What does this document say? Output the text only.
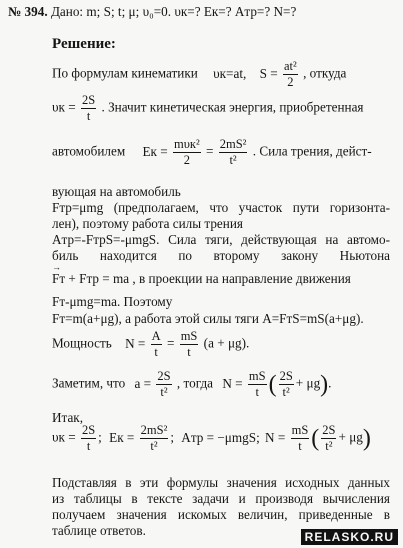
№ 394. Дано: m; S; t; μ; υ₀=0. υк=? Eк=? Aтр=? N=?
Решение:
По формулам кинематики υк=at, $S = \frac{\text{at²}}{2}$ , откуда
$\upsilon к = \frac{2S}{t}$ . Значит кинетическая энергия, приобретенная
автомобилем Eк = $\frac{\text{mυк²}}{2} = \frac{\text{2mS²}}{\text{t²}}$ . Сила трения, дейст-
вующая на автомобиль
Fтр=μmg (предполагаем, что участок пути горизонта-
лен), поэтому работа силы трения
Aтр=-FтрS=-μmgS. Сила тяги, действующая на автомо-
биль находится по второму закону Ньютона
→ Fт + Fтр = ma , в проекции на направление движения
Fт-μmg=ma. Поэтому
Fт=m(a+μg), а работа этой силы тяги A=FтS=mS(a+μg).
Мощность $N = \frac{A}{t} = \frac{mS}{t} (a + \mu g)$.
Заметим, что $a = \frac{2S}{\text{t²}}$ , тогда $N = \frac{mS}{t}$ ( $\frac{2S}{\text{t²}} + \mu g$).
Итак,
$\upsilon к = \frac{2S}{t}$ ; Eк = $\frac{\text{2mS²}}{\text{t²}}$ ; Aтр = −μmgS; $N = \frac{mS}{t}$ ( $\frac{2S}{\text{t²}} + \mu g$)
Подставляя в эти формулы значения исходных данных
из таблицы в тексте задачи и производя вычисления
получаем значения искомых величин, приведенные в
таблице ответов.	RELASKO.RU
